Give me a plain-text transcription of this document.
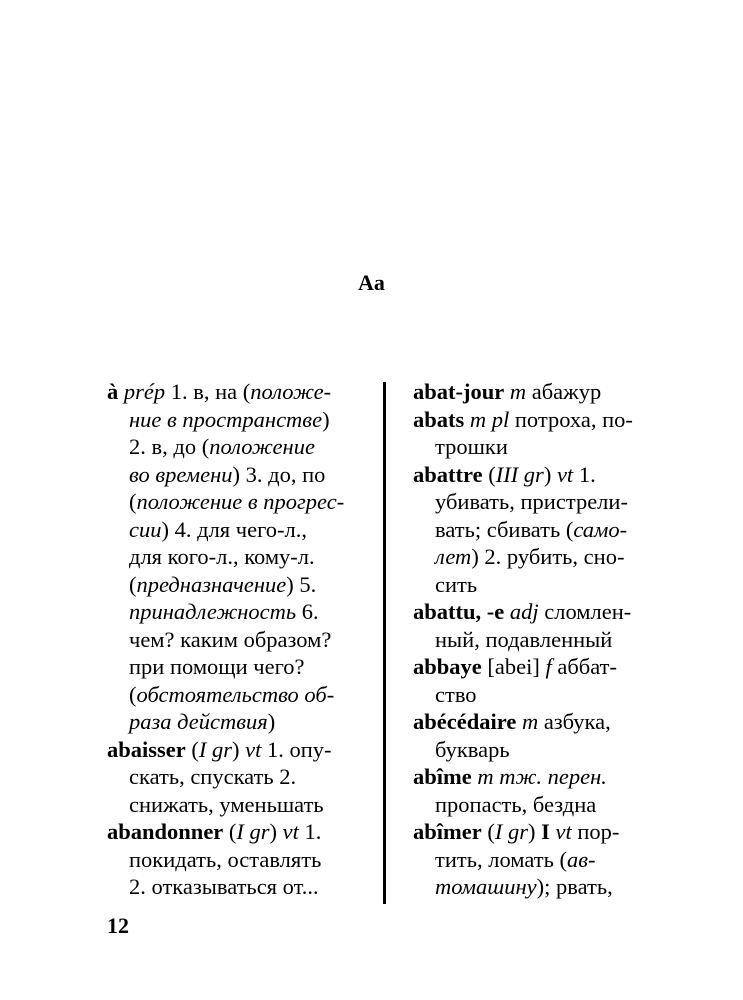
Aa
à prép 1. в, на (положе-
ние в пространстве)
2. в, до (положение
во времени) 3. до, по
(положение в прогрес-
сии) 4. для чего-л.,
для кого-л., кому-л.
(предназначение) 5.
принадлежность 6.
чем? каким образом?
при помощи чего?
(обстоятельство об-
раза действия)
abaisser (I gr) vt 1. опу-
скать, спускать 2.
снижать, уменьшать
abandonner (I gr) vt 1.
покидать, оставлять
2. отказываться от...
abat-jour m абажур
abats m pl потроха, по-
трошки
abattre (III gr) vt 1.
убивать, пристрели-
вать; сбивать (само-
лет) 2. рубить, сно-
сить
abattu, -e adj сломлен-
ный, подавленный
abbaye [abei] f аббат-
ство
abécédaire m азбука,
букварь
abîme m тж. перен.
пропасть, бездна
abîmer (I gr) I vt пор-
тить, ломать (ав-
томашину); рвать,
12
